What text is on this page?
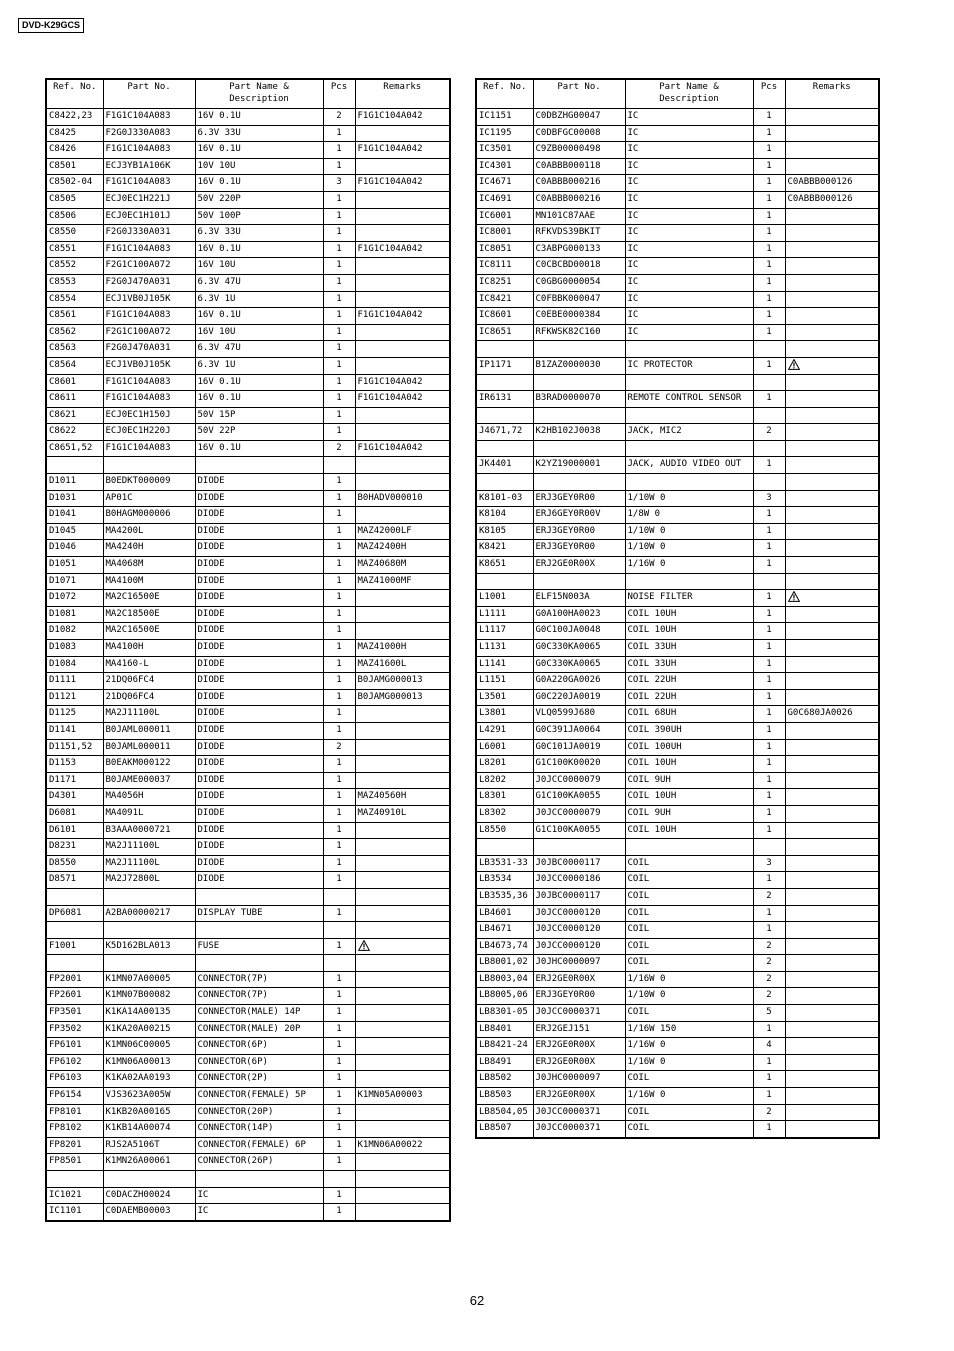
DVD-K29GCS
Ref. No.	Part No.	Part Name & Description	Pcs	Remarks
C8422,23	F1G1C104A083	16V 0.1U	2	F1G1C104A042
C8425	F2G0J330A083	6.3V 33U	1	
C8426	F1G1C104A083	16V 0.1U	1	F1G1C104A042
C8501	ECJ3YB1A106K	10V 10U	1	
C8502-04	F1G1C104A083	16V 0.1U	3	F1G1C104A042
C8505	ECJ0EC1H221J	50V 220P	1	
C8506	ECJ0EC1H101J	50V 100P	1	
C8550	F2G0J330A031	6.3V 33U	1	
C8551	F1G1C104A083	16V 0.1U	1	F1G1C104A042
C8552	F2G1C100A072	16V 10U	1	
C8553	F2G0J470A031	6.3V 47U	1	
C8554	ECJ1VB0J105K	6.3V 1U	1	
C8561	F1G1C104A083	16V 0.1U	1	F1G1C104A042
C8562	F2G1C100A072	16V 10U	1	
C8563	F2G0J470A031	6.3V 47U	1	
C8564	ECJ1VB0J105K	6.3V 1U	1	
C8601	F1G1C104A083	16V 0.1U	1	F1G1C104A042
C8611	F1G1C104A083	16V 0.1U	1	F1G1C104A042
C8621	ECJ0EC1H150J	50V 15P	1	
C8622	ECJ0EC1H220J	50V 22P	1	
C8651,52	F1G1C104A083	16V 0.1U	2	F1G1C104A042

D1011	B0EDKT000009	DIODE	1	
D1031	AP01C	DIODE	1	B0HADV000010
D1041	B0HAGM000006	DIODE	1	
D1045	MA4200L	DIODE	1	MAZ42000LF
D1046	MA4240H	DIODE	1	MAZ42400H
D1051	MA4068M	DIODE	1	MAZ40680M
D1071	MA4100M	DIODE	1	MAZ41000MF
D1072	MA2C16500E	DIODE	1	
D1081	MA2C18500E	DIODE	1	
D1082	MA2C16500E	DIODE	1	
D1083	MA4100H	DIODE	1	MAZ41000H
D1084	MA4160-L	DIODE	1	MAZ41600L
D1111	21DQ06FC4	DIODE	1	B0JAMG000013
D1121	21DQ06FC4	DIODE	1	B0JAMG000013
D1125	MA2J11100L	DIODE	1	
D1141	B0JAML000011	DIODE	1	
D1151,52	B0JAML000011	DIODE	2	
D1153	B0EAKM000122	DIODE	1	
D1171	B0JAME000037	DIODE	1	
D4301	MA4056H	DIODE	1	MAZ40560H
D6081	MA4091L	DIODE	1	MAZ40910L
D6101	B3AAA0000721	DIODE	1	
D8231	MA2J11100L	DIODE	1	
D8550	MA2J11100L	DIODE	1	
D8571	MA2J72800L	DIODE	1	

DP6081	A2BA00000217	DISPLAY TUBE	1	

F1001	K5D162BLA013	FUSE	1	

FP2001	K1MN07A00005	CONNECTOR(7P)	1	
FP2601	K1MN07B00082	CONNECTOR(7P)	1	
FP3501	K1KA14A00135	CONNECTOR(MALE) 14P	1	
FP3502	K1KA20A00215	CONNECTOR(MALE) 20P	1	
FP6101	K1MN06C00005	CONNECTOR(6P)	1	
FP6102	K1MN06A00013	CONNECTOR(6P)	1	
FP6103	K1KA02AA0193	CONNECTOR(2P)	1	
FP6154	VJS3623A005W	CONNECTOR(FEMALE) 5P	1	K1MN05A00003
FP8101	K1KB20A00165	CONNECTOR(20P)	1	
FP8102	K1KB14A00074	CONNECTOR(14P)	1	
FP8201	RJS2A5106T	CONNECTOR(FEMALE) 6P	1	K1MN06A00022
FP8501	K1MN26A00061	CONNECTOR(26P)	1	

IC1021	C0DACZH00024	IC	1	
IC1101	C0DAEMB00003	IC	1	
Ref. No.	Part No.	Part Name & Description	Pcs	Remarks
IC1151	C0DBZHG00047	IC	1	
IC1195	C0DBFGC00008	IC	1	
IC3501	C9ZB00000498	IC	1	
IC4301	C0ABBB000118	IC	1	
IC4671	C0ABBB000216	IC	1	C0ABBB000126
IC4691	C0ABBB000216	IC	1	C0ABBB000126
IC6001	MN101C87AAE	IC	1	
IC8001	RFKVDS39BKIT	IC	1	
IC8051	C3ABPG000133	IC	1	
IC8111	C0CBCBD00018	IC	1	
IC8251	C0GBG0000054	IC	1	
IC8421	C0FBBK000047	IC	1	
IC8601	C0EBE0000384	IC	1	
IC8651	RFKWSK82C160	IC	1	

IP1171	B1ZAZ0000030	IC PROTECTOR	1	

IR6131	B3RAD0000070	REMOTE CONTROL SENSOR	1	

J4671,72	K2HB102J0038	JACK, MIC2	2	

JK4401	K2YZ19000001	JACK, AUDIO VIDEO OUT	1	

K8101-03	ERJ3GEY0R00	1/10W 0	3	
K8104	ERJ6GEY0R00V	1/8W 0	1	
K8105	ERJ3GEY0R00	1/10W 0	1	
K8421	ERJ3GEY0R00	1/10W 0	1	
K8651	ERJ2GE0R00X	1/16W 0	1	

L1001	ELF15N003A	NOISE FILTER	1	
L1111	G0A100HA0023	COIL 10UH	1	
L1117	G0C100JA0048	COIL 10UH	1	
L1131	G0C330KA0065	COIL 33UH	1	
L1141	G0C330KA0065	COIL 33UH	1	
L1151	G0A220GA0026	COIL 22UH	1	
L3501	G0C220JA0019	COIL 22UH	1	
L3801	VLQ0599J680	COIL 68UH	1	G0C680JA0026
L4291	G0C391JA0064	COIL 390UH	1	
L6001	G0C101JA0019	COIL 100UH	1	
L8201	G1C100K00020	COIL 10UH	1	
L8202	J0JCC0000079	COIL 9UH	1	
L8301	G1C100KA0055	COIL 10UH	1	
L8302	J0JCC0000079	COIL 9UH	1	
L8550	G1C100KA0055	COIL 10UH	1	

LB3531-33	J0JBC0000117	COIL	3	
LB3534	J0JCC0000186	COIL	1	
LB3535,36	J0JBC0000117	COIL	2	
LB4601	J0JCC0000120	COIL	1	
LB4671	J0JCC0000120	COIL	1	
LB4673,74	J0JCC0000120	COIL	2	
LB8001,02	J0JHC0000097	COIL	2	
LB8003,04	ERJ2GE0R00X	1/16W 0	2	
LB8005,06	ERJ3GEY0R00	1/10W 0	2	
LB8301-05	J0JCC0000371	COIL	5	
LB8401	ERJ2GEJ151	1/16W 150	1	
LB8421-24	ERJ2GE0R00X	1/16W 0	4	
LB8491	ERJ2GE0R00X	1/16W 0	1	
LB8502	J0JHC0000097	COIL	1	
LB8503	ERJ2GE0R00X	1/16W 0	1	
LB8504,05	J0JCC0000371	COIL	2	
LB8507	J0JCC0000371	COIL	1	
62
